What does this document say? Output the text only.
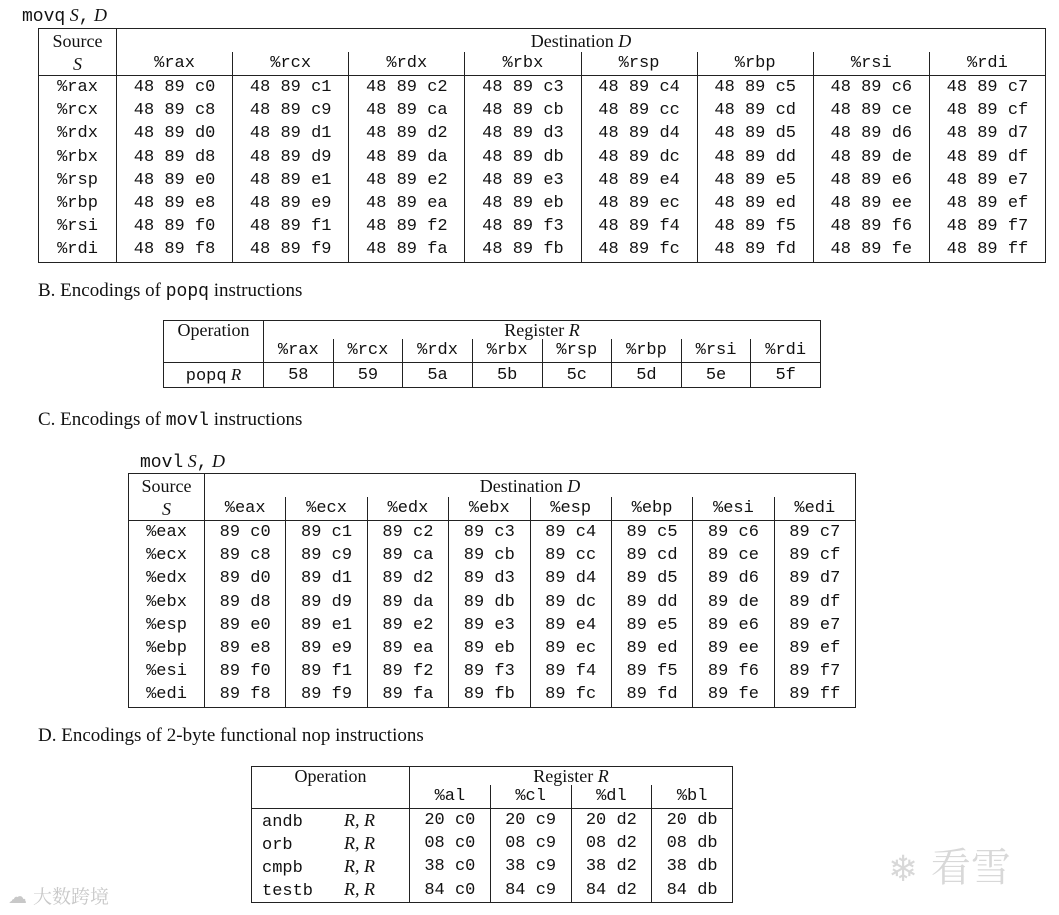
movq S, D
Source	Destination D							
S	%rax	%rcx	%rdx	%rbx	%rsp	%rbp	%rsi	%rdi
%rax	48 89 c0	48 89 c1	48 89 c2	48 89 c3	48 89 c4	48 89 c5	48 89 c6	48 89 c7
%rcx	48 89 c8	48 89 c9	48 89 ca	48 89 cb	48 89 cc	48 89 cd	48 89 ce	48 89 cf
%rdx	48 89 d0	48 89 d1	48 89 d2	48 89 d3	48 89 d4	48 89 d5	48 89 d6	48 89 d7
%rbx	48 89 d8	48 89 d9	48 89 da	48 89 db	48 89 dc	48 89 dd	48 89 de	48 89 df
%rsp	48 89 e0	48 89 e1	48 89 e2	48 89 e3	48 89 e4	48 89 e5	48 89 e6	48 89 e7
%rbp	48 89 e8	48 89 e9	48 89 ea	48 89 eb	48 89 ec	48 89 ed	48 89 ee	48 89 ef
%rsi	48 89 f0	48 89 f1	48 89 f2	48 89 f3	48 89 f4	48 89 f5	48 89 f6	48 89 f7
%rdi	48 89 f8	48 89 f9	48 89 fa	48 89 fb	48 89 fc	48 89 fd	48 89 fe	48 89 ff
B. Encodings of popq instructions
Operation	Register R							
	%rax	%rcx	%rdx	%rbx	%rsp	%rbp	%rsi	%rdi
popq R	58	59	5a	5b	5c	5d	5e	5f
C. Encodings of movl instructions
movl S, D
Source	Destination D							
S	%eax	%ecx	%edx	%ebx	%esp	%ebp	%esi	%edi
%eax	89 c0	89 c1	89 c2	89 c3	89 c4	89 c5	89 c6	89 c7
%ecx	89 c8	89 c9	89 ca	89 cb	89 cc	89 cd	89 ce	89 cf
%edx	89 d0	89 d1	89 d2	89 d3	89 d4	89 d5	89 d6	89 d7
%ebx	89 d8	89 d9	89 da	89 db	89 dc	89 dd	89 de	89 df
%esp	89 e0	89 e1	89 e2	89 e3	89 e4	89 e5	89 e6	89 e7
%ebp	89 e8	89 e9	89 ea	89 eb	89 ec	89 ed	89 ee	89 ef
%esi	89 f0	89 f1	89 f2	89 f3	89 f4	89 f5	89 f6	89 f7
%edi	89 f8	89 f9	89 fa	89 fb	89 fc	89 fd	89 fe	89 ff
D. Encodings of 2-byte functional nop instructions
Operation	Register R			
	%al	%cl	%dl	%bl
andb R, R	20 c0	20 c9	20 d2	20 db
orb R, R	08 c0	08 c9	08 d2	08 db
cmpb R, R	38 c0	38 c9	38 d2	38 db
testb R, R	84 c0	84 c9	84 d2	84 db
❄ 看雪
☁ 大数跨境
